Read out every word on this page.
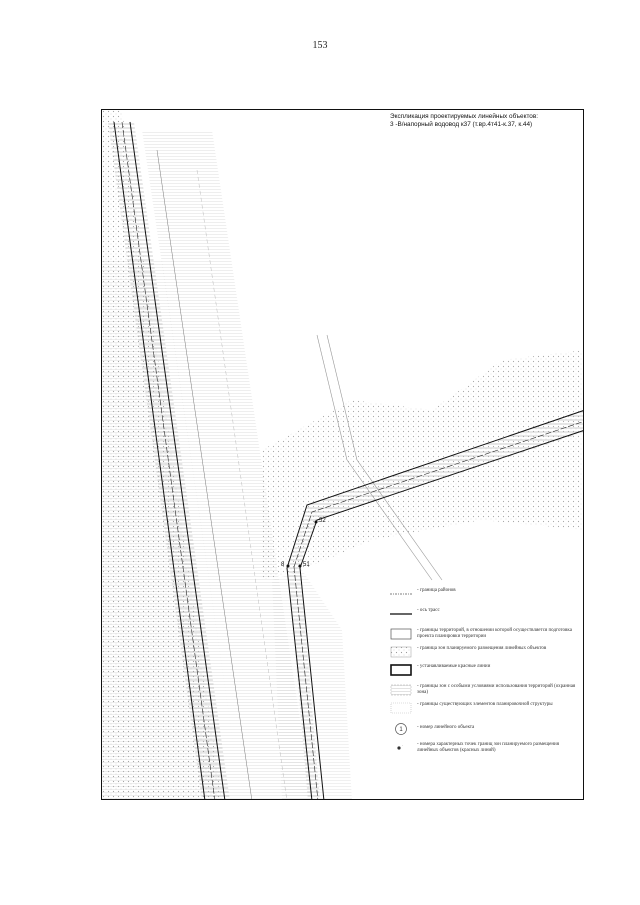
153
52
51
8
Экспликация проектируемых линейных объектов:
3 -В/напорный водовод к37 (т.вр.4т41-к.37, к.44)
- граница районов
- ось трасс
- границы территорий, в отношении которой осуществляется подготовка проекта планировки территории
- граница зон планируемого размещения линейных объектов
- устанавливаемые красные линии
- границы зон с особыми условиями использования территорий (охранная зона)
- границы существующих элементов планировочной структуры
1	- номер линейного объекта
.	- номера характерных точек границ зон планируемого размещения линейных объектов (красных линий)
